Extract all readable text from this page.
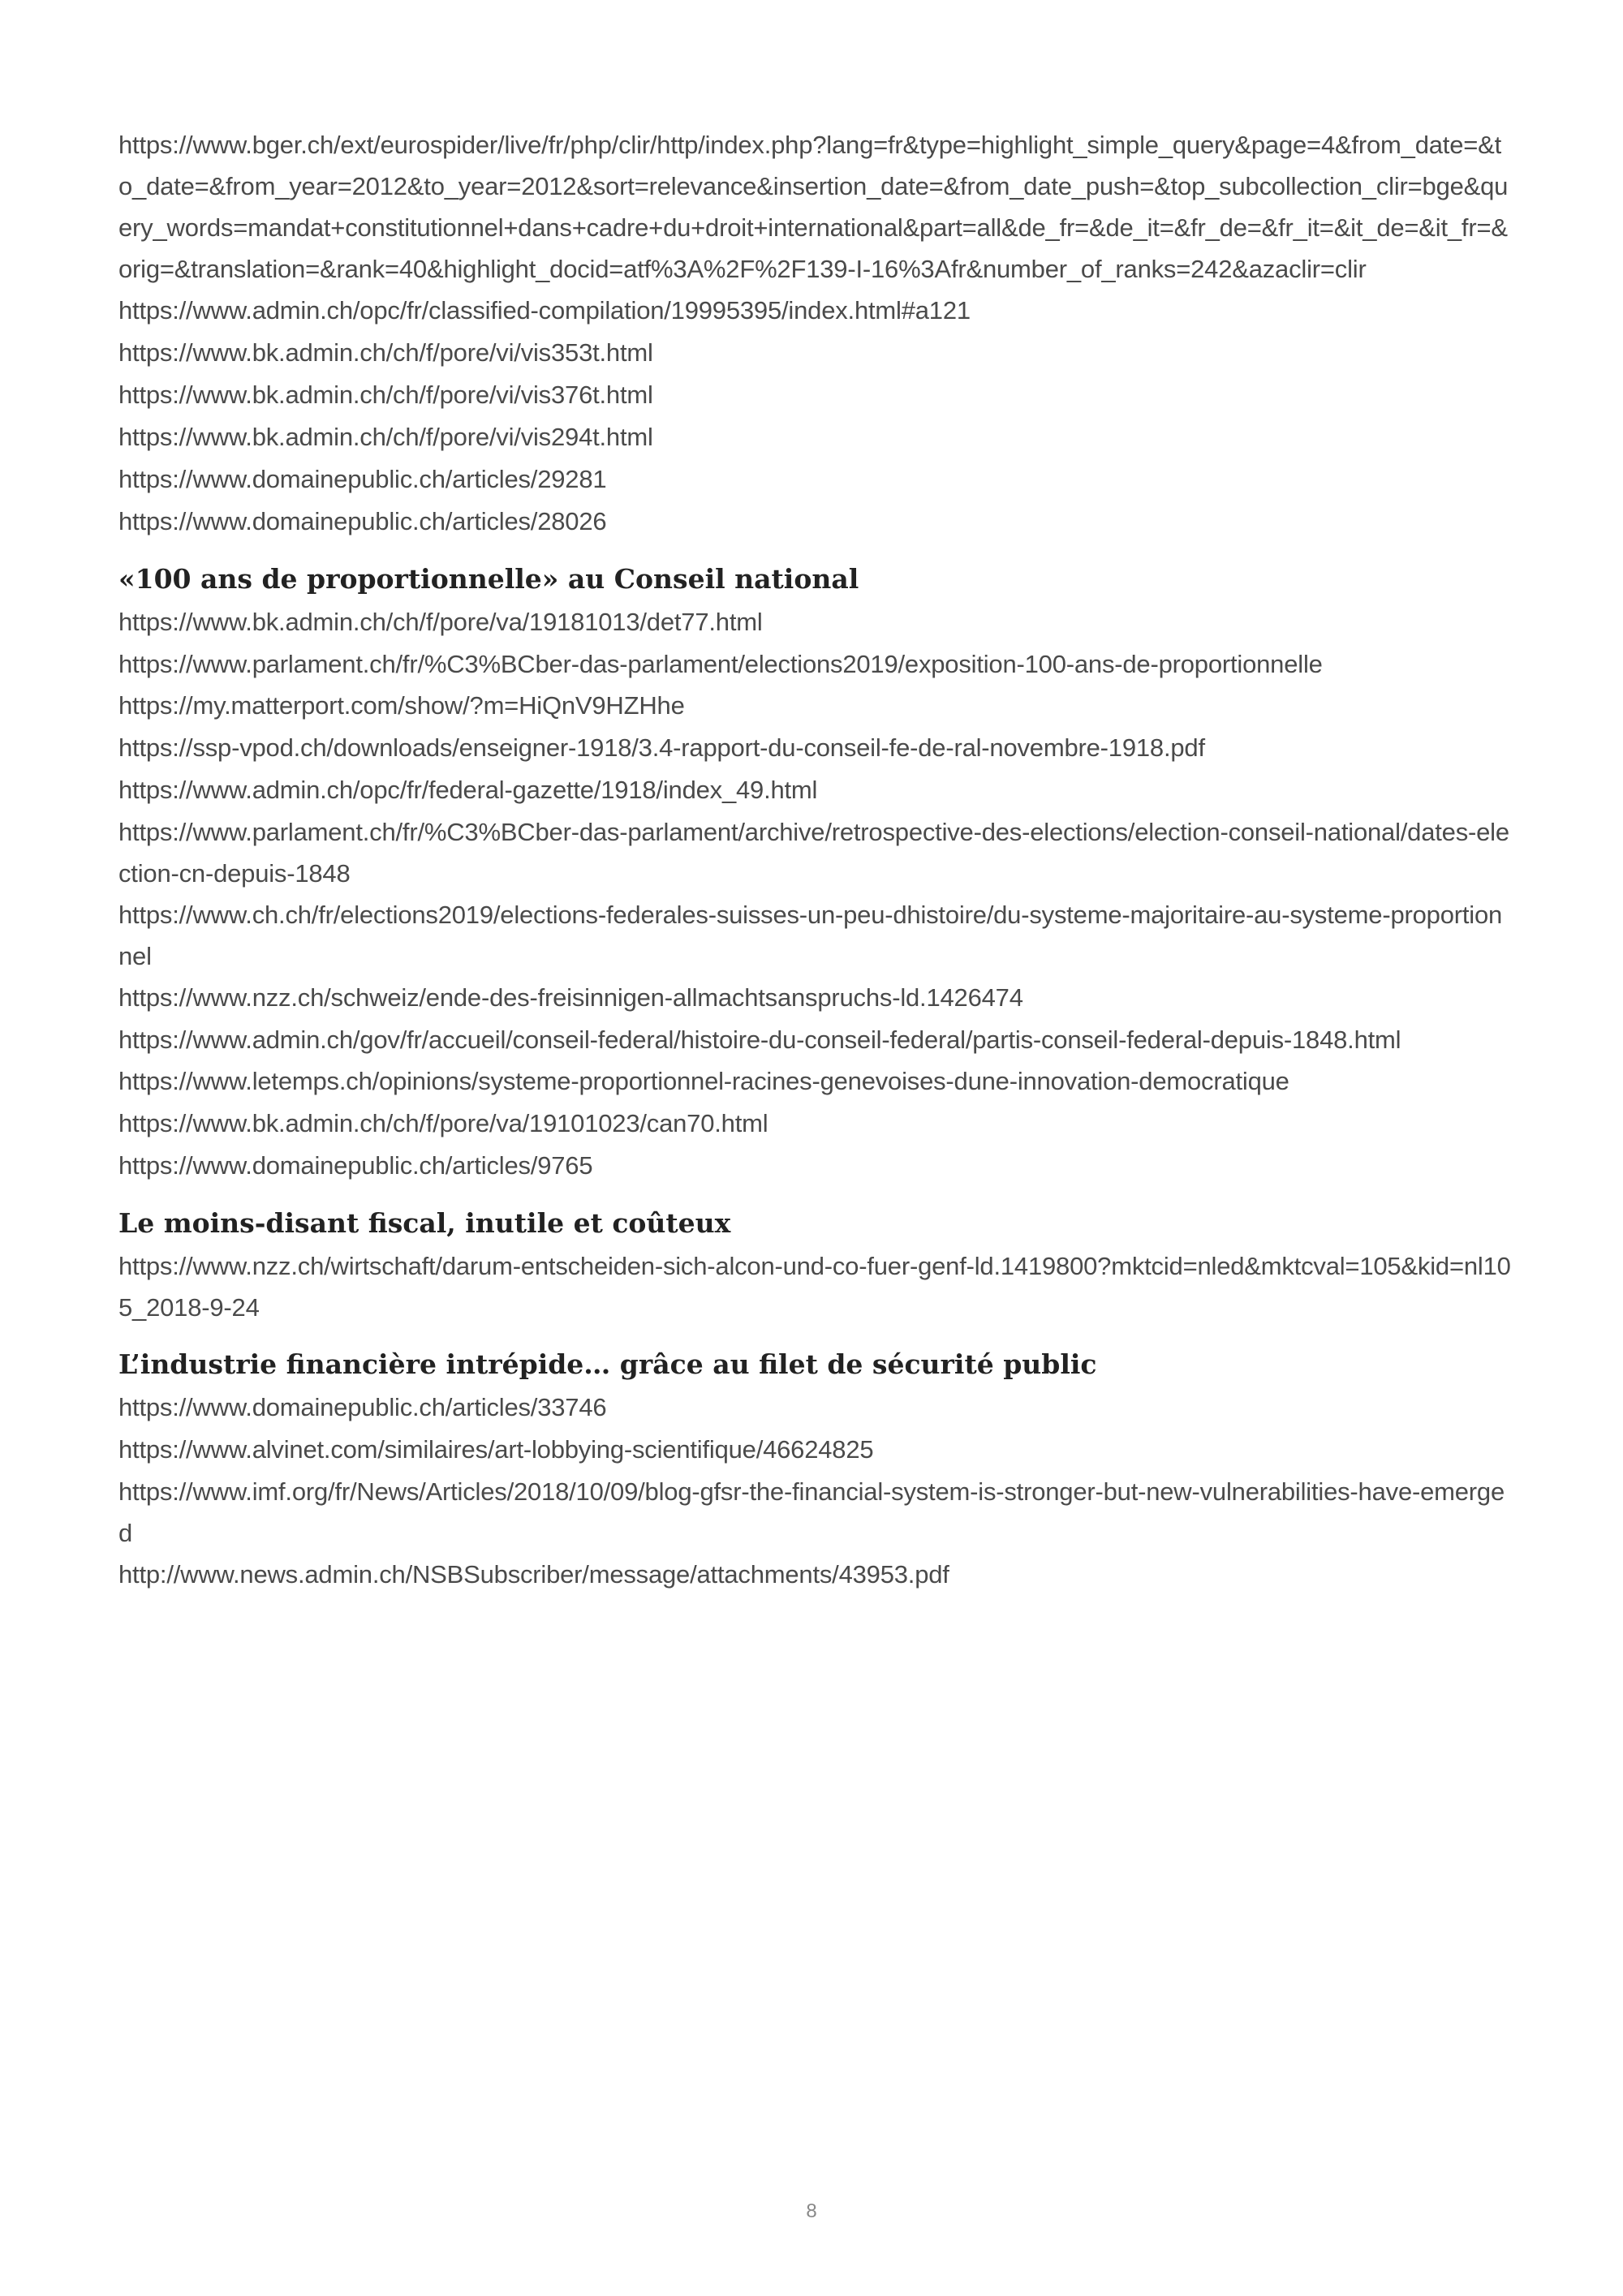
https://www.bger.ch/ext/eurospider/live/fr/php/clir/http/index.php?lang=fr&type=highlight_simple_query&page=4&from_date=&to_date=&from_year=2012&to_year=2012&sort=relevance&insertion_date=&from_date_push=&top_subcollection_clir=bge&query_words=mandat+constitutionnel+dans+cadre+du+droit+international&part=all&de_fr=&de_it=&fr_de=&fr_it=&it_de=&it_fr=&orig=&translation=&rank=40&highlight_docid=atf%3A%2F%2F139-I-16%3Afr&number_of_ranks=242&azaclir=clir
https://www.admin.ch/opc/fr/classified-compilation/19995395/index.html#a121
https://www.bk.admin.ch/ch/f/pore/vi/vis353t.html
https://www.bk.admin.ch/ch/f/pore/vi/vis376t.html
https://www.bk.admin.ch/ch/f/pore/vi/vis294t.html
https://www.domainepublic.ch/articles/29281
https://www.domainepublic.ch/articles/28026
«100 ans de proportionnelle» au Conseil national
https://www.bk.admin.ch/ch/f/pore/va/19181013/det77.html
https://www.parlament.ch/fr/%C3%BCber-das-parlament/elections2019/exposition-100-ans-de-proportionnelle
https://my.matterport.com/show/?m=HiQnV9HZHhe
https://ssp-vpod.ch/downloads/enseigner-1918/3.4-rapport-du-conseil-fe-de-ral-novembre-1918.pdf
https://www.admin.ch/opc/fr/federal-gazette/1918/index_49.html
https://www.parlament.ch/fr/%C3%BCber-das-parlament/archive/retrospective-des-elections/election-conseil-national/dates-election-cn-depuis-1848
https://www.ch.ch/fr/elections2019/elections-federales-suisses-un-peu-dhistoire/du-systeme-majoritaire-au-systeme-proportionnel
https://www.nzz.ch/schweiz/ende-des-freisinnigen-allmachtsanspruchs-ld.1426474
https://www.admin.ch/gov/fr/accueil/conseil-federal/histoire-du-conseil-federal/partis-conseil-federal-depuis-1848.html
https://www.letemps.ch/opinions/systeme-proportionnel-racines-genevoises-dune-innovation-democratique
https://www.bk.admin.ch/ch/f/pore/va/19101023/can70.html
https://www.domainepublic.ch/articles/9765
Le moins-disant fiscal, inutile et coûteux
https://www.nzz.ch/wirtschaft/darum-entscheiden-sich-alcon-und-co-fuer-genf-ld.1419800?mktcid=nled&mktcval=105&kid=nl105_2018-9-24
L’industrie financière intrépide… grâce au filet de sécurité public
https://www.domainepublic.ch/articles/33746
https://www.alvinet.com/similaires/art-lobbying-scientifique/46624825
https://www.imf.org/fr/News/Articles/2018/10/09/blog-gfsr-the-financial-system-is-stronger-but-new-vulnerabilities-have-emerged
http://www.news.admin.ch/NSBSubscriber/message/attachments/43953.pdf
8
